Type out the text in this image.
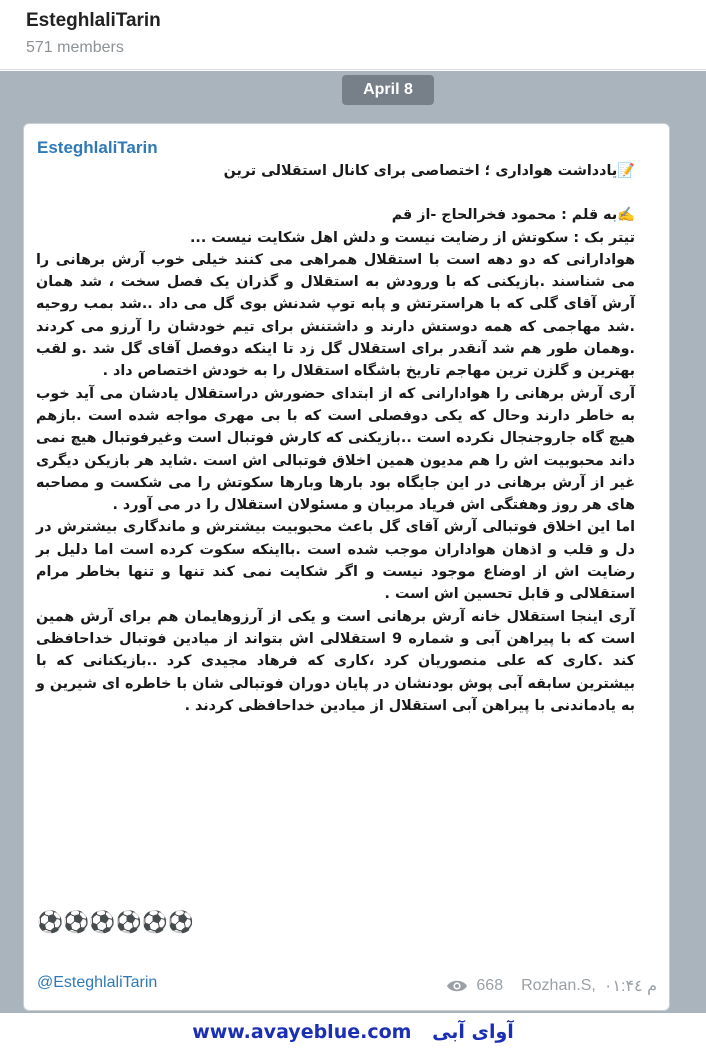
EsteghlaliTarin
571 members
April 8
EsteghlaliTarin

📝یادداشت هواداری ؛ اختصاصی برای کانال استقلالی ترین

✍️به قلم : محمود فخرالحاج -از قم

تیتر بک : سکوتش از رضایت نیست و دلش اهل شکایت نیست ...

هوادارانی که دو دهه است با استقلال همراهی می کنند خیلی خوب آرش برهانی را می شناسند .بازیکنی که با ورودش به استقلال و گذران یک فصل سخت ، شد همان آرش آقای گلی که با هراسترتش و پابه توپ شدنش بوی گل می داد ..شد بمب روحیه .شد مهاجمی که همه دوستش دارند و داشتنش برای تیم خودشان را آرزو می کردند .وهمان طور هم شد آنقدر برای استقلال گل زد تا اینکه دوفصل آقای گل شد .و لقب بهترین و گلزن ترین مهاجم تاریخ باشگاه استقلال را به خودش اختصاص داد .

آری آرش برهانی را هوادارانی که از ابتدای حضورش دراستقلال یادشان می آید خوب به خاطر دارند وحال که یکی دوفصلی است که با بی مهری مواجه شده است .بازهم هیچ گاه جاروجنجال نکرده است ..بازیکنی که کارش فوتبال است وغیرفوتبال هیچ نمی داند محبوبیت اش را هم مدیون همین اخلاق فوتبالی اش است .شاید هر بازیکن دیگری غیر از آرش برهانی در این جایگاه بود بارها وبارها سکوتش را می شکست و مصاحبه های هر روز وهفتگی اش فریاد مربیان و مسئولان استقلال را در می آورد .

اما این اخلاق فوتبالی آرش آقای گل باعث محبوبیت بیشترش و ماندگاری بیشترش در دل و قلب و اذهان هواداران موجب شده است .بااینکه سکوت کرده است اما دلیل بر رضایت اش از اوضاع موجود نیست و اگر شکایت نمی کند تنها و تنها بخاطر مرام استقلالی و قابل تحسین اش است .

آری اینجا استقلال خانه آرش برهانی است و یکی از آرزوهایمان هم برای آرش همین است که با پیراهن آبی و شماره 9 استقلالی اش بتواند از میادین فوتبال خداحافظی کند .کاری که علی منصوریان کرد ،کاری که فرهاد مجیدی کرد ..بازیکنانی که با بیشترین سابقه آبی پوش بودنشان در پایان دوران فوتبالی شان با خاطره ای شیرین و به یادماندنی با پیراهن آبی استقلال از میادین خداحافظی کردند .

⚽⚽⚽⚽⚽⚽
@EsteghlaliTarin	668 Rozhan.S, م ۰۱:۴٤
www.avayeblue.com آوای آبی
